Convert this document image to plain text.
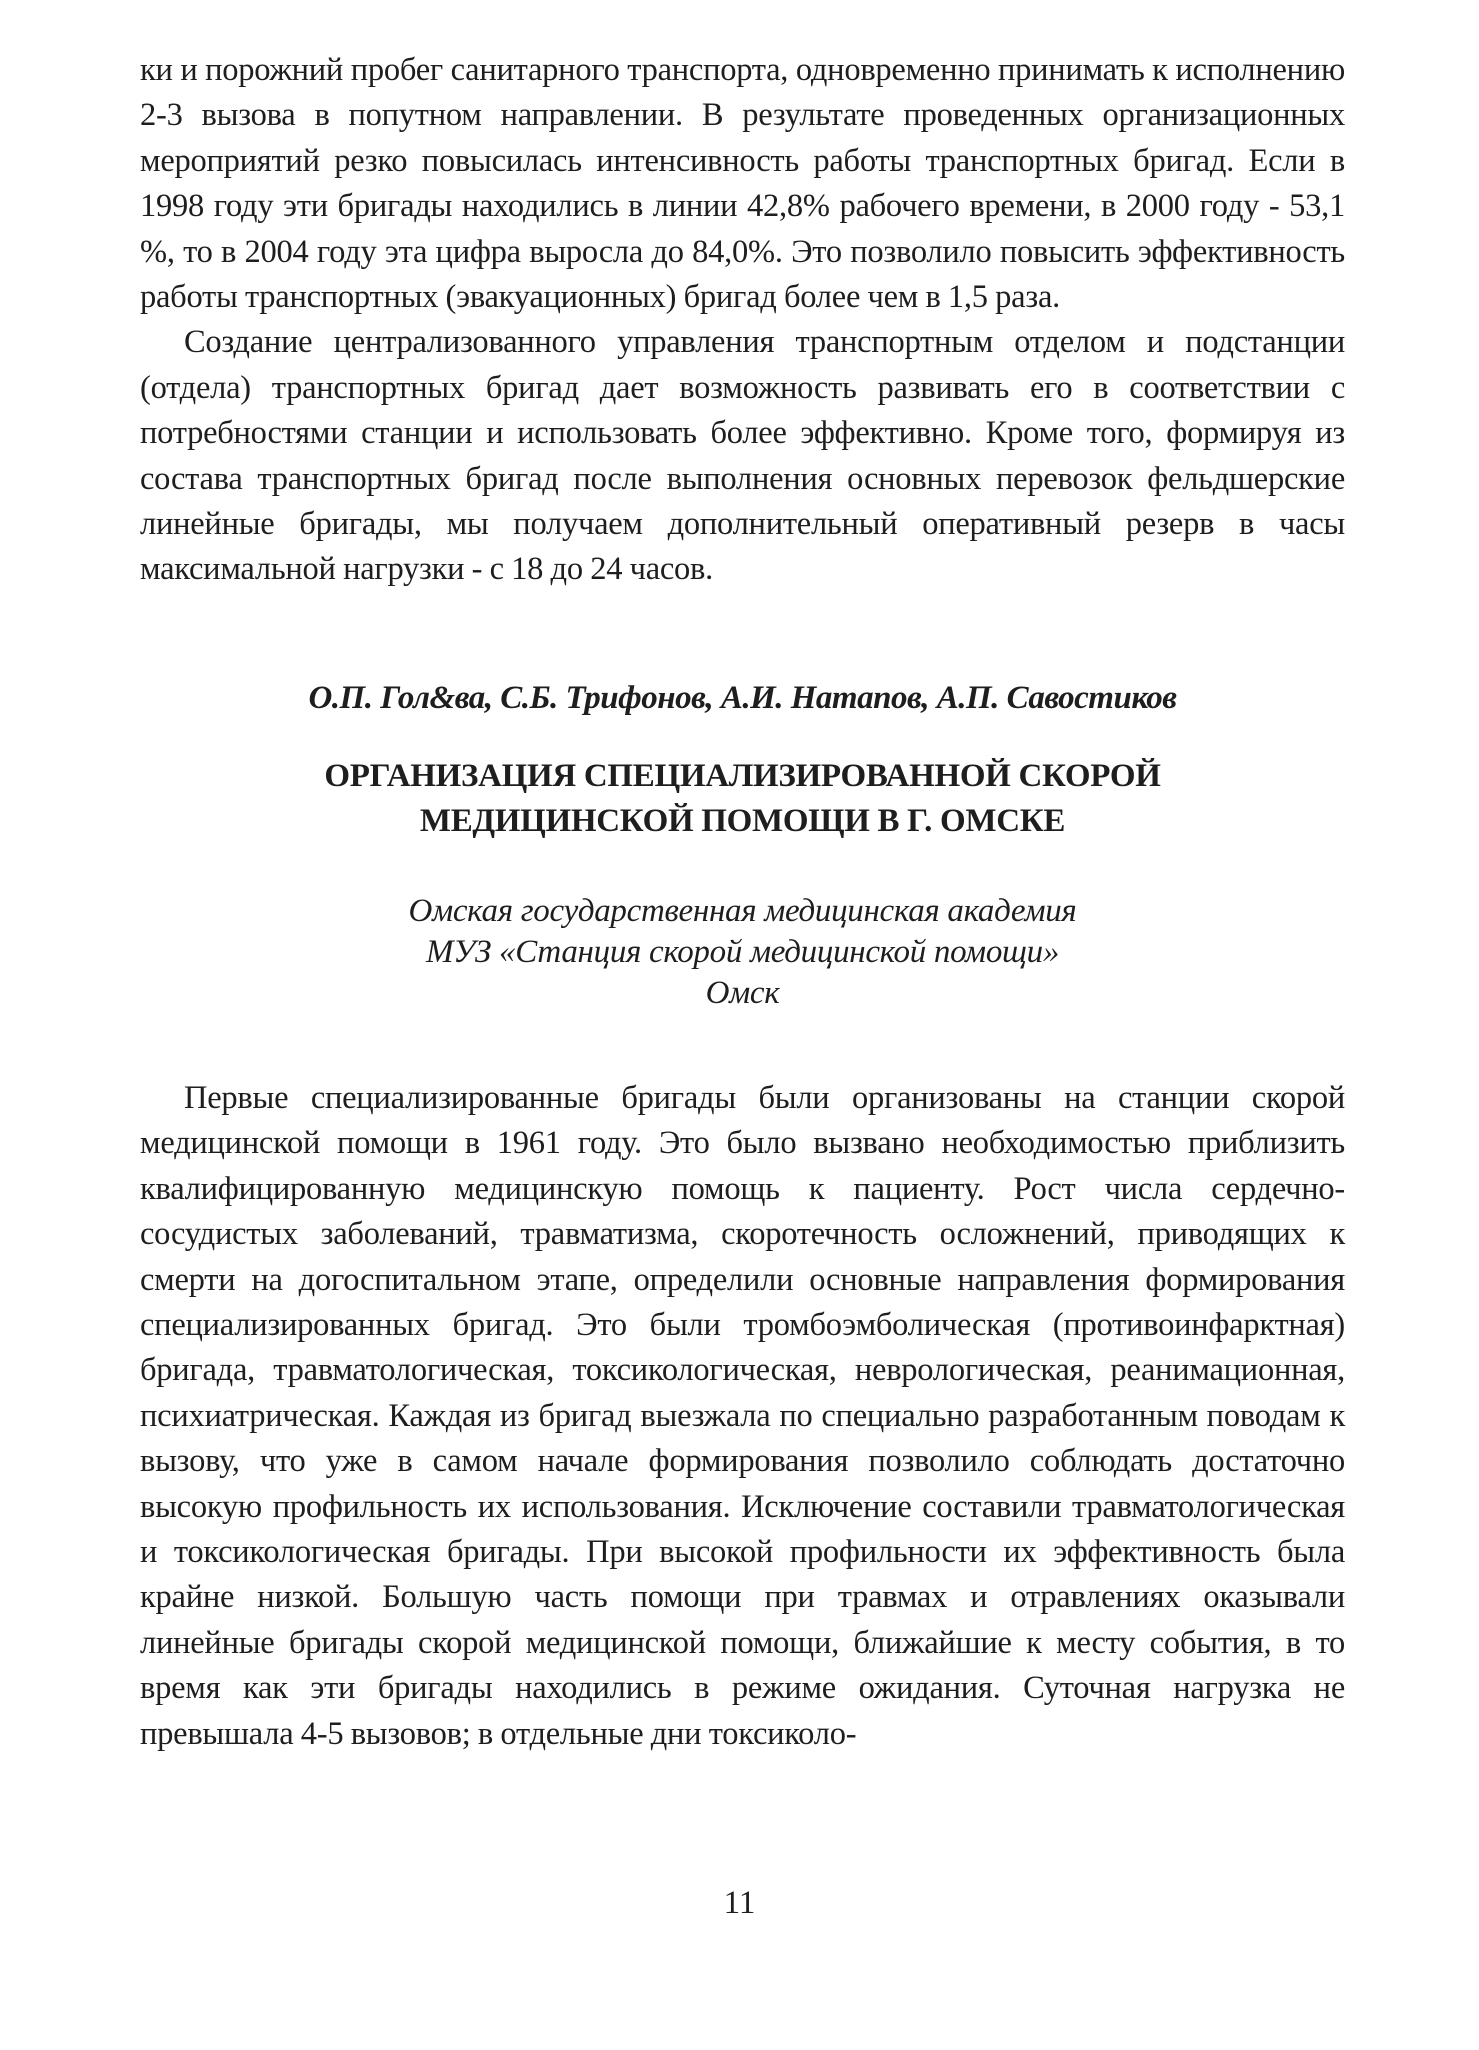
ки и порожний пробег санитарного транспорта, одновременно принимать к исполнению 2-3 вызова в попутном направлении. В результате проведенных организационных мероприятий резко повысилась интенсивность работы транспортных бригад. Если в 1998 году эти бригады находились в линии 42,8% рабочего времени, в 2000 году - 53,1 %, то в 2004 году эта цифра выросла до 84,0%. Это позволило повысить эффективность работы транспортных (эвакуационных) бригад более чем в 1,5 раза.

Создание централизованного управления транспортным отделом и подстанции (отдела) транспортных бригад дает возможность развивать его в соответствии с потребностями станции и использовать более эффективно. Кроме того, формируя из состава транспортных бригад после выполнения основных перевозок фельдшерские линейные бригады, мы получаем дополнительный оперативный резерв в часы максимальной нагрузки - с 18 до 24 часов.

О.П. Гол&ва, С.Б. Трифонов, А.И. Натапов, А.П. Савостиков
ОРГАНИЗАЦИЯ СПЕЦИАЛИЗИРОВАННОЙ СКОРОЙ
МЕДИЦИНСКОЙ ПОМОЩИ В Г. ОМСКЕ
Омская государственная медицинская академия
МУЗ «Станция скорой медицинской помощи»
Омск

Первые специализированные бригады были организованы на станции скорой медицинской помощи в 1961 году. Это было вызвано необходимостью приблизить квалифицированную медицинскую помощь к пациенту. Рост числа сердечно-сосудистых заболеваний, травматизма, скоротечность осложнений, приводящих к смерти на догоспитальном этапе, определили основные направления формирования специализированных бригад. Это были тромбоэмболическая (противоинфарктная) бригада, травматологическая, токсикологическая, неврологическая, реанимационная, психиатрическая. Каждая из бригад выезжала по специально разработанным поводам к вызову, что уже в самом начале формирования позволило соблюдать достаточно высокую профильность их использования. Исключение составили травматологическая и токсикологическая бригады. При высокой профильности их эффективность была крайне низкой. Большую часть помощи при травмах и отравлениях оказывали линейные бригады скорой медицинской помощи, ближайшие к месту события, в то время как эти бригады находились в режиме ожидания. Суточная нагрузка не превышала 4-5 вызовов; в отдельные дни токсиколо-

11
